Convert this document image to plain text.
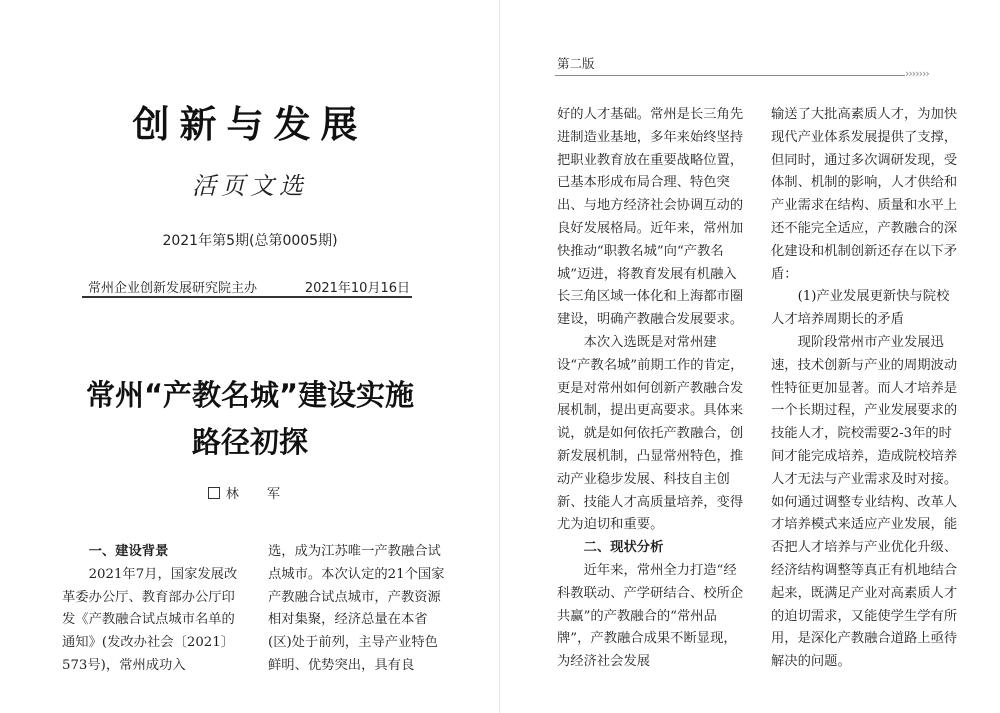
创新与发展
活页文选
2021年第5期(总第0005期)
常州企业创新发展研究院主办	2021年10月16日
常州“产教名城”建设实施
路径初探
林 军

一、建设背景

2021年7月，国家发展改革委办公厅、教育部办公厅印发《产教融合试点城市名单的通知》(发改办社会〔2021〕573号)，常州成功入

选，成为江苏唯一产教融合试点城市。本次认定的21个国家产教融合试点城市，产教资源相对集聚，经济总量在本省(区)处于前列，主导产业特色鲜明、优势突出，具有良

第二版
›››››››

好的人才基础。常州是长三角先进制造业基地，多年来始终坚持把职业教育放在重要战略位置，已基本形成布局合理、特色突出、与地方经济社会协调互动的良好发展格局。近年来，常州加快推动“职教名城”向“产教名城”迈进，将教育发展有机融入长三角区域一体化和上海都市圈建设，明确产教融合发展要求。

本次入选既是对常州建设“产教名城”前期工作的肯定，更是对常州如何创新产教融合发展机制，提出更高要求。具体来说，就是如何依托产教融合，创新发展机制，凸显常州特色，推动产业稳步发展、科技自主创新、技能人才高质量培养，变得尤为迫切和重要。

二、现状分析

近年来，常州全力打造“经科教联动、产学研结合、校所企共赢”的产教融合的“常州品牌”，产教融合成果不断显现，为经济社会发展

输送了大批高素质人才，为加快现代产业体系发展提供了支撑，但同时，通过多次调研发现，受体制、机制的影响，人才供给和产业需求在结构、质量和水平上还不能完全适应，产教融合的深化建设和机制创新还存在以下矛盾：

(1)产业发展更新快与院校人才培养周期长的矛盾

现阶段常州市产业发展迅速，技术创新与产业的周期波动性特征更加显著。而人才培养是一个长期过程，产业发展要求的技能人才，院校需要2-3年的时间才能完成培养，造成院校培养人才无法与产业需求及时对接。如何通过调整专业结构、改革人才培养模式来适应产业发展，能否把人才培养与产业优化升级、经济结构调整等真正有机地结合起来，既满足产业对高素质人才的迫切需求，又能使学生学有所用，是深化产教融合道路上亟待解决的问题。
